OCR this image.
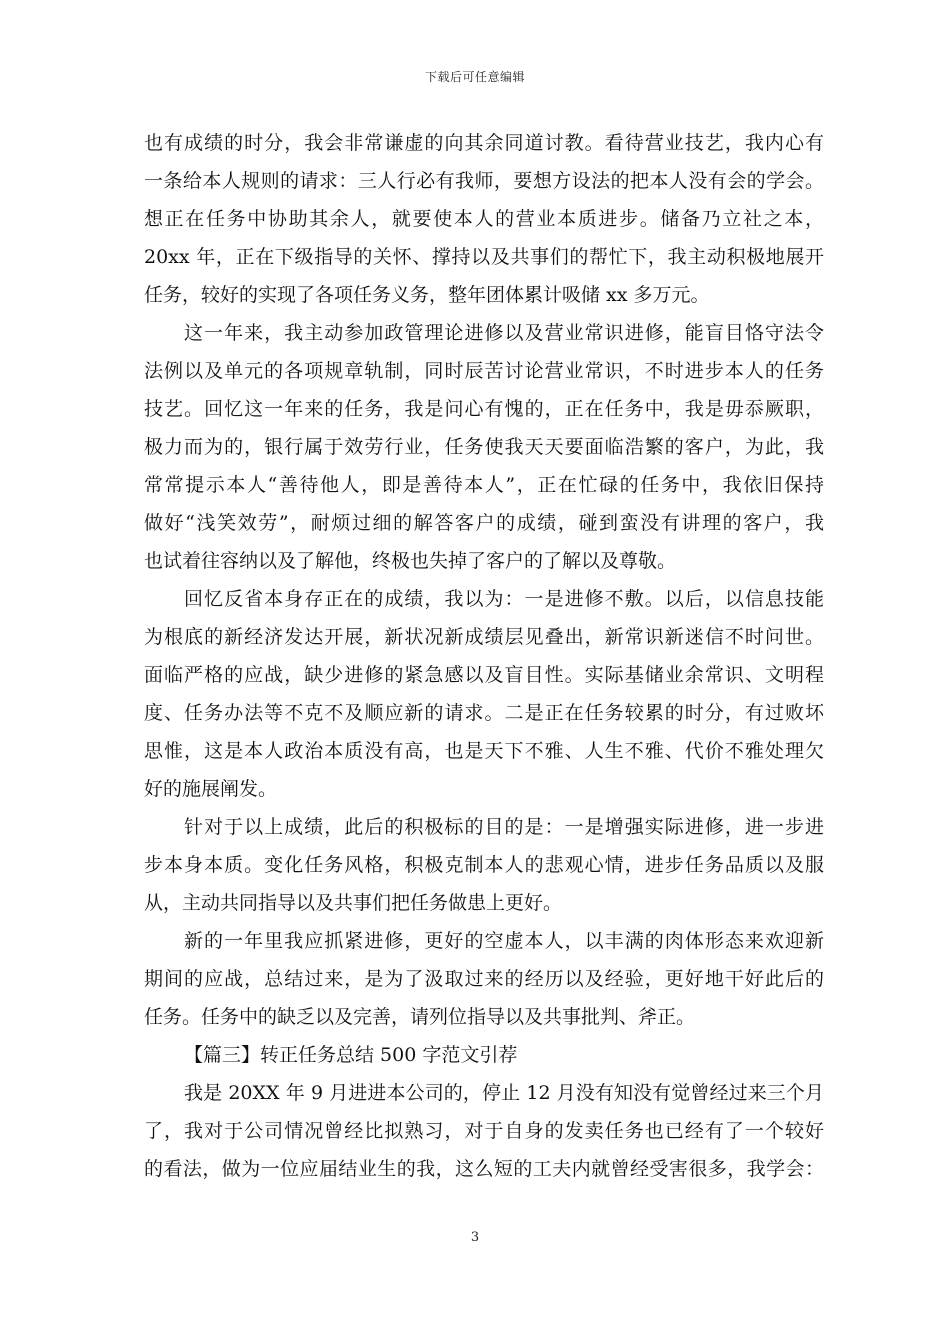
下载后可任意编辑
也有成绩的时分，我会非常谦虚的向其余同道讨教。看待营业技艺，我内心有
一条给本人规则的请求：三人行必有我师，要想方设法的把本人没有会的学会。
想正在任务中协助其余人，就要使本人的营业本质进步。储备乃立社之本，
20xx 年，正在下级指导的关怀、撑持以及共事们的帮忙下，我主动积极地展开
任务，较好的实现了各项任务义务，整年团体累计吸储 xx 多万元。
这一年来，我主动参加政管理论进修以及营业常识进修，能盲目恪守法令
法例以及单元的各项规章轨制，同时辰苦讨论营业常识，不时进步本人的任务
技艺。回忆这一年来的任务，我是问心有愧的，正在任务中，我是毋忝厥职，
极力而为的，银行属于效劳行业，任务使我天天要面临浩繁的客户，为此，我
常常提示本人“善待他人，即是善待本人”，正在忙碌的任务中，我依旧保持
做好“浅笑效劳”，耐烦过细的解答客户的成绩，碰到蛮没有讲理的客户，我
也试着往容纳以及了解他，终极也失掉了客户的了解以及尊敬。
回忆反省本身存正在的成绩，我以为：一是进修不敷。以后，以信息技能
为根底的新经济发达开展，新状况新成绩层见叠出，新常识新迷信不时问世。
面临严格的应战，缺少进修的紧急感以及盲目性。实际基储业余常识、文明程
度、任务办法等不克不及顺应新的请求。二是正在任务较累的时分，有过败坏
思惟，这是本人政治本质没有高，也是天下不雅、人生不雅、代价不雅处理欠
好的施展阐发。
针对于以上成绩，此后的积极标的目的是：一是增强实际进修，进一步进
步本身本质。变化任务风格，积极克制本人的悲观心情，进步任务品质以及服
从，主动共同指导以及共事们把任务做患上更好。
新的一年里我应抓紧进修，更好的空虚本人，以丰满的肉体形态来欢迎新
期间的应战，总结过来，是为了汲取过来的经历以及经验，更好地干好此后的
任务。任务中的缺乏以及完善，请列位指导以及共事批判、斧正。
【篇三】转正任务总结 500 字范文引荐
我是 20XX 年 9 月进进本公司的，停止 12 月没有知没有觉曾经过来三个月
了，我对于公司情况曾经比拟熟习，对于自身的发卖任务也已经有了一个较好
的看法，做为一位应届结业生的我，这么短的工夫内就曾经受害很多，我学会：
3
